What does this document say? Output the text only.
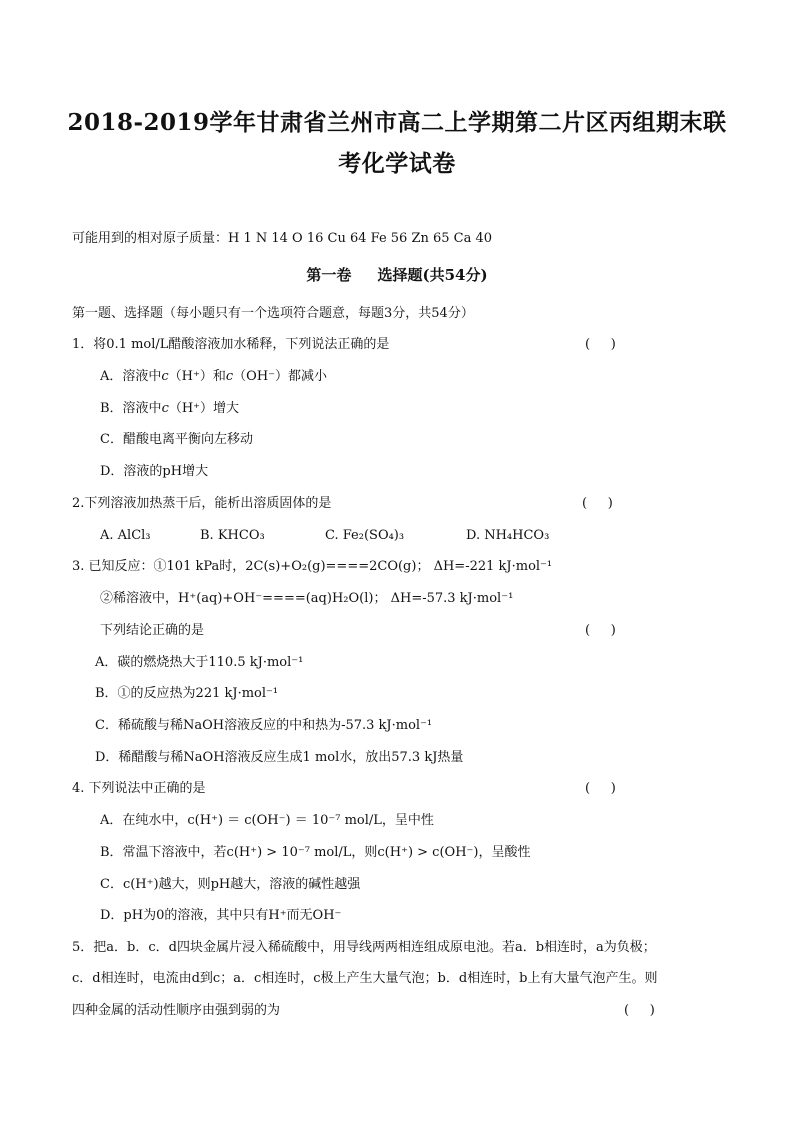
2018-2019学年甘肃省兰州市高二上学期第二片区丙组期末联
考化学试卷
可能用到的相对原子质量：H 1 N 14 O 16 Cu 64 Fe 56 Zn 65 Ca 40
第一卷     选择题(共54分)
第一题、选择题（每小题只有一个选项符合题意，每题3分，共54分）
1．将0.1 mol/L醋酸溶液加水稀释，下列说法正确的是	(     )
A．溶液中c（H⁺）和c（OH⁻）都减小
B．溶液中c（H⁺）增大
C．醋酸电离平衡向左移动
D．溶液的pH增大
2.下列溶液加热蒸干后，能析出溶质固体的是	(     )
A. AlCl₃	B. KHCO₃	C. Fe₂(SO₄)₃	D. NH₄HCO₃
3. 已知反应：①101 kPa时，2C(s)+O₂(g)====2CO(g)； ΔH=-221 kJ·mol⁻¹
②稀溶液中，H⁺(aq)+OH⁻====(aq)H₂O(l)； ΔH=-57.3 kJ·mol⁻¹
下列结论正确的是	(     )
A．碳的燃烧热大于110.5 kJ·mol⁻¹
B．①的反应热为221 kJ·mol⁻¹
C．稀硫酸与稀NaOH溶液反应的中和热为-57.3 kJ·mol⁻¹
D．稀醋酸与稀NaOH溶液反应生成1 mol水，放出57.3 kJ热量
4. 下列说法中正确的是	(     )
A．在纯水中，c(H⁺) ＝ c(OH⁻) ＝ 10⁻⁷ mol/L，呈中性
B．常温下溶液中，若c(H⁺) > 10⁻⁷ mol/L，则c(H⁺) > c(OH⁻)，呈酸性
C．c(H⁺)越大，则pH越大，溶液的碱性越强
D．pH为0的溶液，其中只有H⁺而无OH⁻
5．把a．b．c．d四块金属片浸入稀硫酸中，用导线两两相连组成原电池。若a．b相连时，a为负极；
c．d相连时，电流由d到c；a．c相连时，c极上产生大量气泡；b．d相连时，b上有大量气泡产生。则
四种金属的活动性顺序由强到弱的为	(     )
